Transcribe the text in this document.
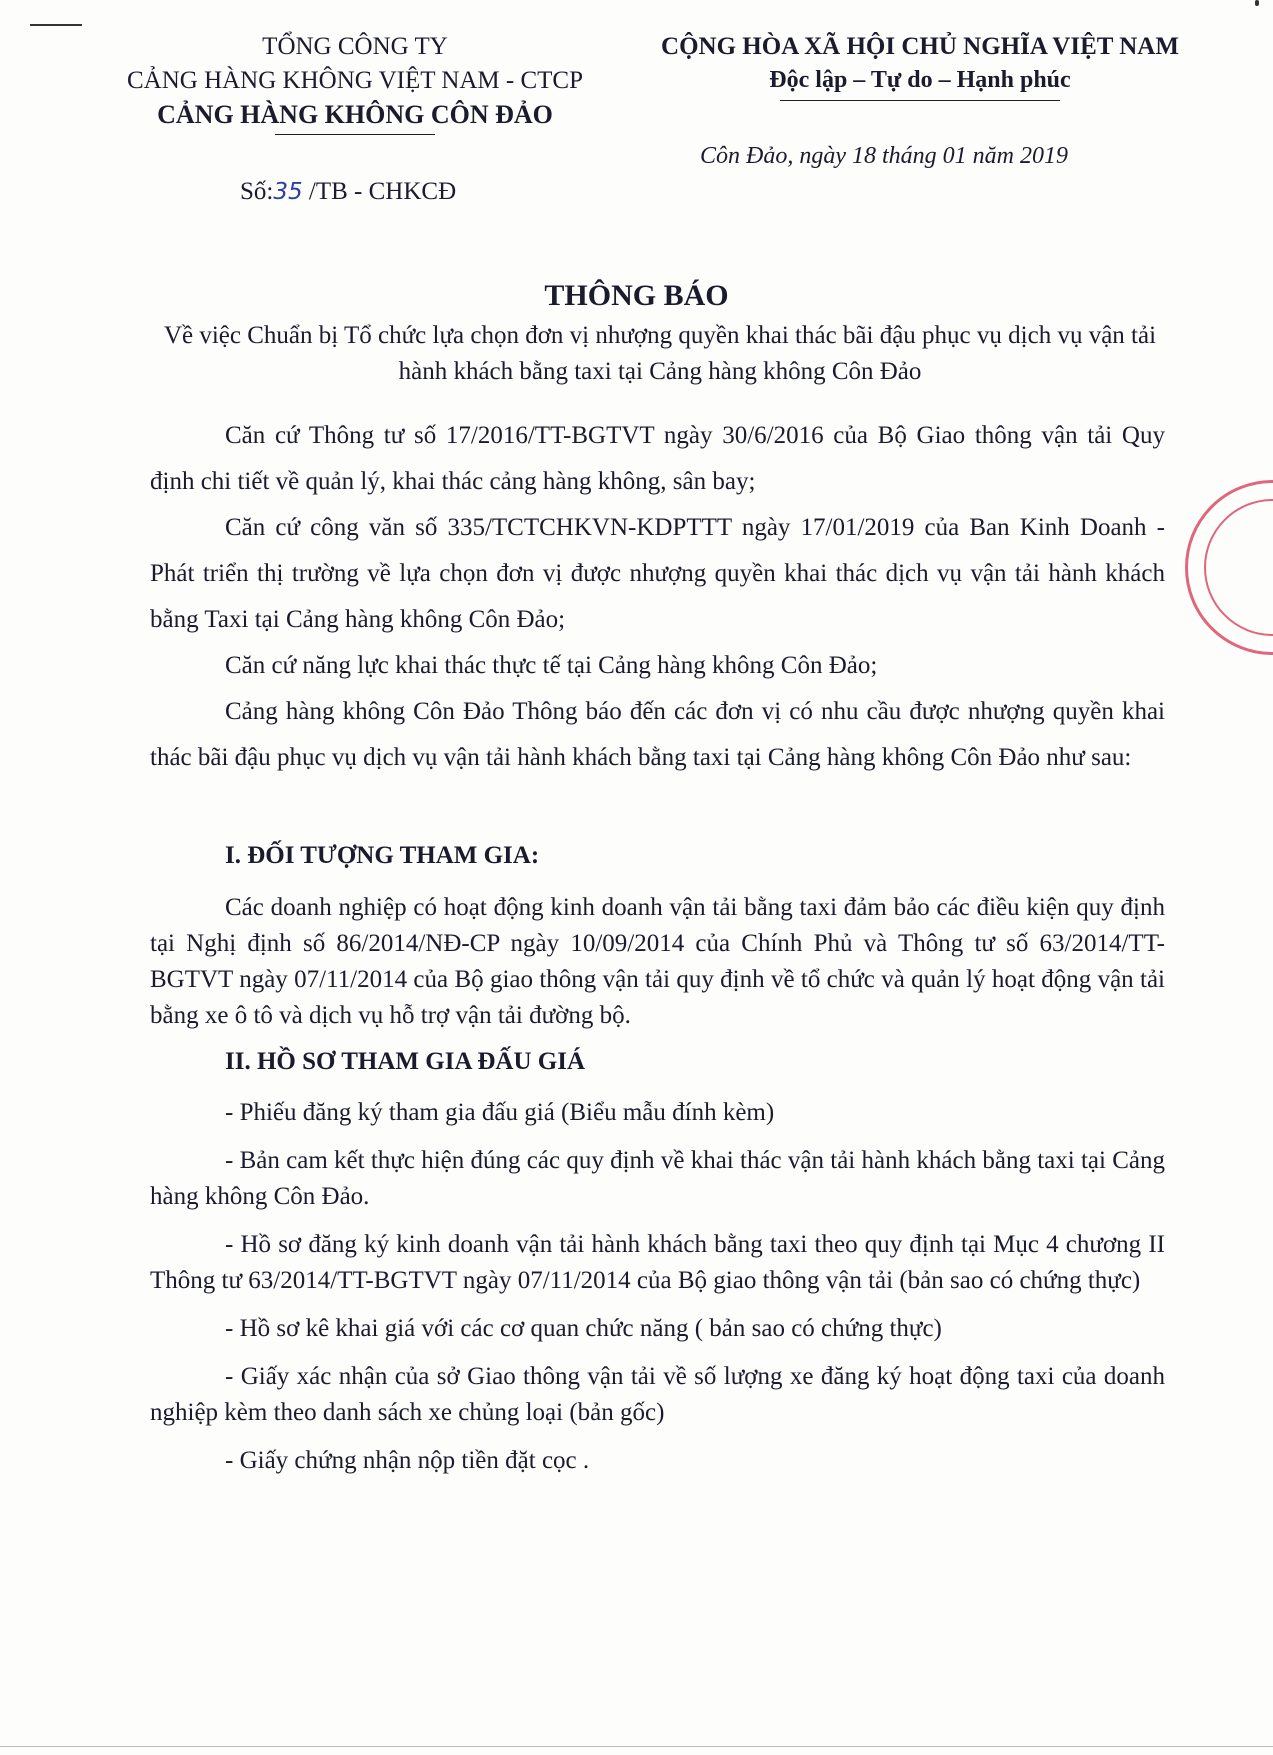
TỔNG CÔNG TY
CẢNG HÀNG KHÔNG VIỆT NAM - CTCP
CẢNG HÀNG KHÔNG CÔN ĐẢO
Số:35 /TB - CHKCĐ
CỘNG HÒA XÃ HỘI CHỦ NGHĨA VIỆT NAM
Độc lập – Tự do – Hạnh phúc
Côn Đảo, ngày 18 tháng 01 năm 2019
THÔNG BÁO
Về việc Chuẩn bị Tổ chức lựa chọn đơn vị nhượng quyền khai thác bãi đậu phục vụ dịch vụ vận tải hành khách bằng taxi tại Cảng hàng không Côn Đảo
Căn cứ Thông tư số 17/2016/TT-BGTVT ngày 30/6/2016 của Bộ Giao thông vận tải Quy định chi tiết về quản lý, khai thác cảng hàng không, sân bay;
Căn cứ công văn số 335/TCTCHKVN-KDPTTT ngày 17/01/2019 của Ban Kinh Doanh - Phát triển thị trường về lựa chọn đơn vị được nhượng quyền khai thác dịch vụ vận tải hành khách bằng Taxi tại Cảng hàng không Côn Đảo;
Căn cứ năng lực khai thác thực tế tại Cảng hàng không Côn Đảo;
Cảng hàng không Côn Đảo Thông báo đến các đơn vị có nhu cầu được nhượng quyền khai thác bãi đậu phục vụ dịch vụ vận tải hành khách bằng taxi tại Cảng hàng không Côn Đảo như sau:
I. ĐỐI TƯỢNG THAM GIA:
Các doanh nghiệp có hoạt động kinh doanh vận tải bằng taxi đảm bảo các điều kiện quy định tại Nghị định số 86/2014/NĐ-CP ngày 10/09/2014 của Chính Phủ và Thông tư số 63/2014/TT-BGTVT ngày 07/11/2014 của Bộ giao thông vận tải quy định về tổ chức và quản lý hoạt động vận tải bằng xe ô tô và dịch vụ hỗ trợ vận tải đường bộ.
II. HỒ SƠ THAM GIA ĐẤU GIÁ
- Phiếu đăng ký tham gia đấu giá (Biểu mẫu đính kèm)
- Bản cam kết thực hiện đúng các quy định về khai thác vận tải hành khách bằng taxi tại Cảng hàng không Côn Đảo.
- Hồ sơ đăng ký kinh doanh vận tải hành khách bằng taxi theo quy định tại Mục 4 chương II Thông tư 63/2014/TT-BGTVT ngày 07/11/2014 của Bộ giao thông vận tải (bản sao có chứng thực)
- Hồ sơ kê khai giá với các cơ quan chức năng ( bản sao có chứng thực)
- Giấy xác nhận của sở Giao thông vận tải về số lượng xe đăng ký hoạt động taxi của doanh nghiệp kèm theo danh sách xe chủng loại (bản gốc)
- Giấy chứng nhận nộp tiền đặt cọc .
